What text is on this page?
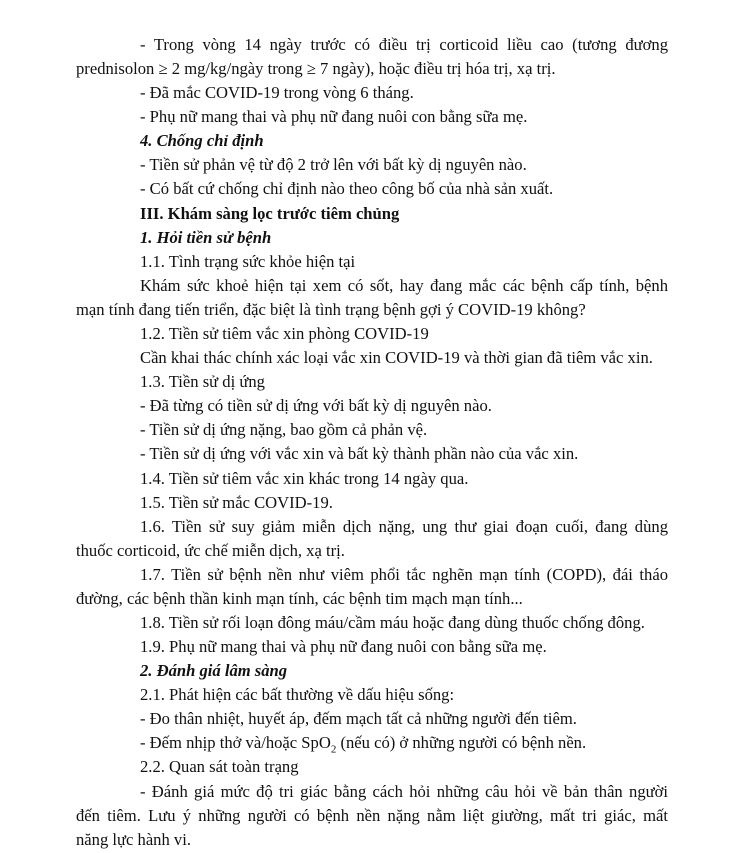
- Trong vòng 14 ngày trước có điều trị corticoid liều cao (tương đương

prednisolon ≥ 2 mg/kg/ngày trong ≥ 7 ngày), hoặc điều trị hóa trị, xạ trị.

- Đã mắc COVID-19 trong vòng 6 tháng.

- Phụ nữ mang thai và phụ nữ đang nuôi con bằng sữa mẹ.

4. Chống chỉ định

- Tiền sử phản vệ từ độ 2 trở lên với bất kỳ dị nguyên nào.

- Có bất cứ chống chỉ định nào theo công bố của nhà sản xuất.

III. Khám sàng lọc trước tiêm chủng

1. Hỏi tiền sử bệnh

1.1. Tình trạng sức khỏe hiện tại

Khám sức khoẻ hiện tại xem có sốt, hay đang mắc các bệnh cấp tính, bệnh

mạn tính đang tiến triển, đặc biệt là tình trạng bệnh gợi ý COVID-19 không?

1.2. Tiền sử tiêm vắc xin phòng COVID-19

Cần khai thác chính xác loại vắc xin COVID-19 và thời gian đã tiêm vắc xin.

1.3. Tiền sử dị ứng

- Đã từng có tiền sử dị ứng với bất kỳ dị nguyên nào.

- Tiền sử dị ứng nặng, bao gồm cả phản vệ.

- Tiền sử dị ứng với vắc xin và bất kỳ thành phần nào của vắc xin.

1.4. Tiền sử tiêm vắc xin khác trong 14 ngày qua.

1.5. Tiền sử mắc COVID-19.

1.6. Tiền sử suy giảm miễn dịch nặng, ung thư giai đoạn cuối, đang dùng

thuốc corticoid, ức chế miễn dịch, xạ trị.

1.7. Tiền sử bệnh nền như viêm phổi tắc nghẽn mạn tính (COPD), đái tháo

đường, các bệnh thần kinh mạn tính, các bệnh tim mạch mạn tính...

1.8. Tiền sử rối loạn đông máu/cầm máu hoặc đang dùng thuốc chống đông.

1.9. Phụ nữ mang thai và phụ nữ đang nuôi con bằng sữa mẹ.

2. Đánh giá lâm sàng

2.1. Phát hiện các bất thường về dấu hiệu sống:

- Đo thân nhiệt, huyết áp, đếm mạch tất cả những người đến tiêm.

- Đếm nhịp thở và/hoặc SpO$_2$ (nếu có) ở những người có bệnh nền.

2.2. Quan sát toàn trạng

- Đánh giá mức độ tri giác bằng cách hỏi những câu hỏi về bản thân người

đến tiêm. Lưu ý những người có bệnh nền nặng nằm liệt giường, mất tri giác, mất

năng lực hành vi.
